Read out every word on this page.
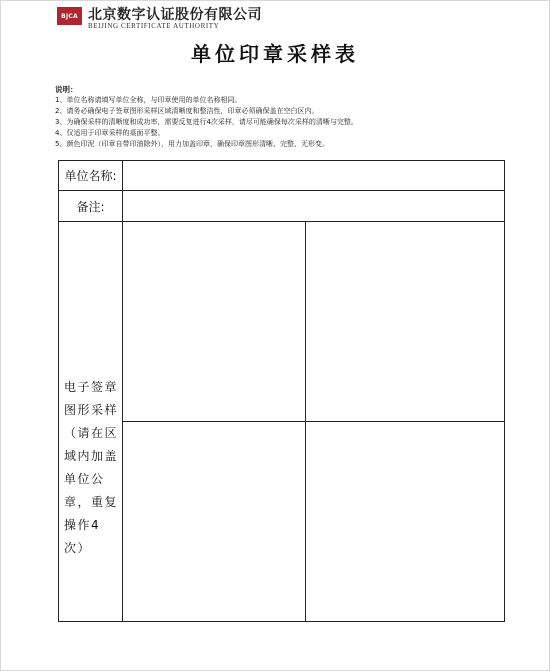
BJCA 北京数字认证股份有限公司
BEIJING CERTIFICATE AUTHORITY
单位印章采样表
说明：
1、单位名称请填写单位全称，与印章使用的单位名称相同。
2、请务必确保电子签章图形采样区域清晰度和整洁性，印章必须确保盖在空白区内。
3、为确保采样的清晰度和成功率，需要反复进行4次采样，请尽可能确保每次采样的清晰与完整。
4、仅适用于印章采样的桌面平整。
5、颜色印泥（印章自带印油除外），用力加盖印章，确保印章图形清晰、完整、无形变。
单位名称:
备注:
电子签章图形采样（请在区域内加盖单位公章，重复操作4次）
